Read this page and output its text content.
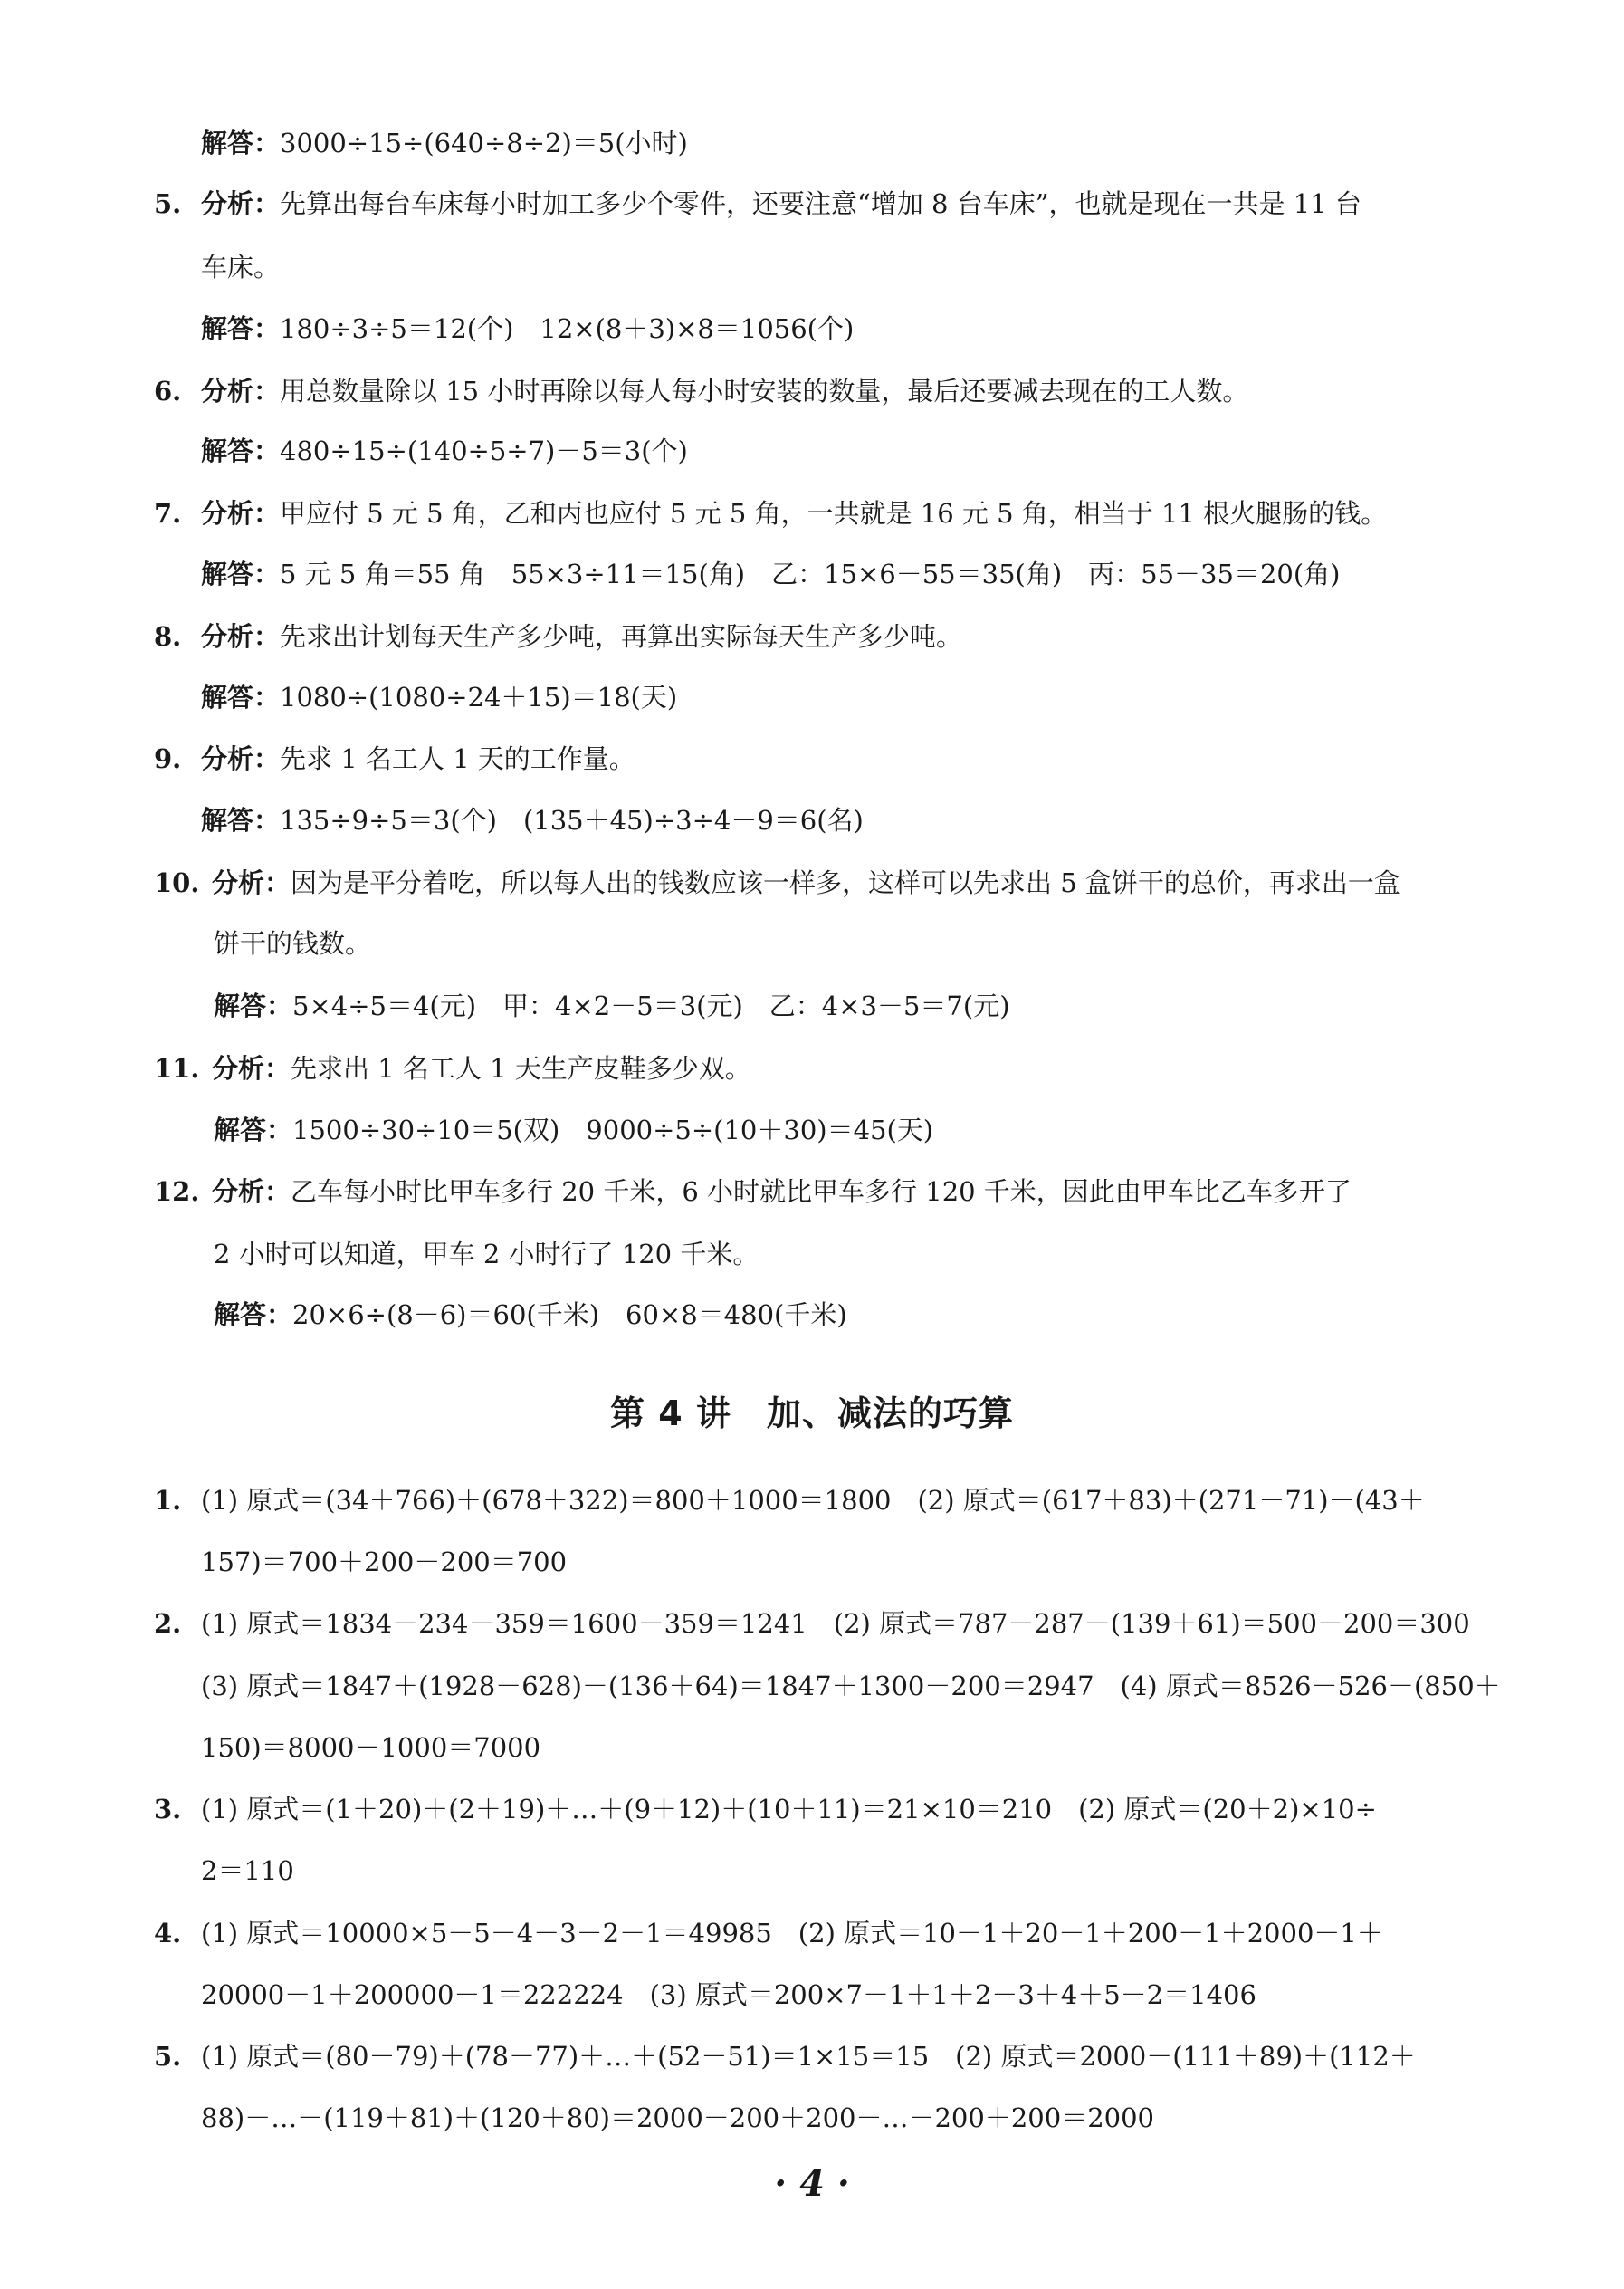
解答：3000÷15÷(640÷8÷2)＝5(小时)
5. 分析：先算出每台车床每小时加工多少个零件，还要注意“增加 8 台车床”，也就是现在一共是 11 台
车床。
解答：180÷3÷5＝12(个)　12×(8＋3)×8＝1056(个)
6. 分析：用总数量除以 15 小时再除以每人每小时安装的数量，最后还要减去现在的工人数。
解答：480÷15÷(140÷5÷7)－5＝3(个)
7. 分析：甲应付 5 元 5 角，乙和丙也应付 5 元 5 角，一共就是 16 元 5 角，相当于 11 根火腿肠的钱。
解答：5 元 5 角＝55 角　55×3÷11＝15(角)　乙：15×6－55＝35(角)　丙：55－35＝20(角)
8. 分析：先求出计划每天生产多少吨，再算出实际每天生产多少吨。
解答：1080÷(1080÷24＋15)＝18(天)
9. 分析：先求 1 名工人 1 天的工作量。
解答：135÷9÷5＝3(个)　(135＋45)÷3÷4－9＝6(名)
10. 分析：因为是平分着吃，所以每人出的钱数应该一样多，这样可以先求出 5 盒饼干的总价，再求出一盒
饼干的钱数。
解答：5×4÷5＝4(元)　甲：4×2－5＝3(元)　乙：4×3－5＝7(元)
11. 分析：先求出 1 名工人 1 天生产皮鞋多少双。
解答：1500÷30÷10＝5(双)　9000÷5÷(10＋30)＝45(天)
12. 分析：乙车每小时比甲车多行 20 千米，6 小时就比甲车多行 120 千米，因此由甲车比乙车多开了
2 小时可以知道，甲车 2 小时行了 120 千米。
解答：20×6÷(8－6)＝60(千米)　60×8＝480(千米)
第 4 讲　加、减法的巧算
1. (1) 原式＝(34＋766)＋(678＋322)＝800＋1000＝1800　(2) 原式＝(617＋83)＋(271－71)－(43＋
157)＝700＋200－200＝700
2. (1) 原式＝1834－234－359＝1600－359＝1241　(2) 原式＝787－287－(139＋61)＝500－200＝300
(3) 原式＝1847＋(1928－628)－(136＋64)＝1847＋1300－200＝2947　(4) 原式＝8526－526－(850＋
150)＝8000－1000＝7000
3. (1) 原式＝(1＋20)＋(2＋19)＋…＋(9＋12)＋(10＋11)＝21×10＝210　(2) 原式＝(20＋2)×10÷
2＝110
4. (1) 原式＝10000×5－5－4－3－2－1＝49985　(2) 原式＝10－1＋20－1＋200－1＋2000－1＋
20000－1＋200000－1＝222224　(3) 原式＝200×7－1＋1＋2－3＋4＋5－2＝1406
5. (1) 原式＝(80－79)＋(78－77)＋…＋(52－51)＝1×15＝15　(2) 原式＝2000－(111＋89)＋(112＋
88)－…－(119＋81)＋(120＋80)＝2000－200＋200－…－200＋200＝2000
· 4 ·
